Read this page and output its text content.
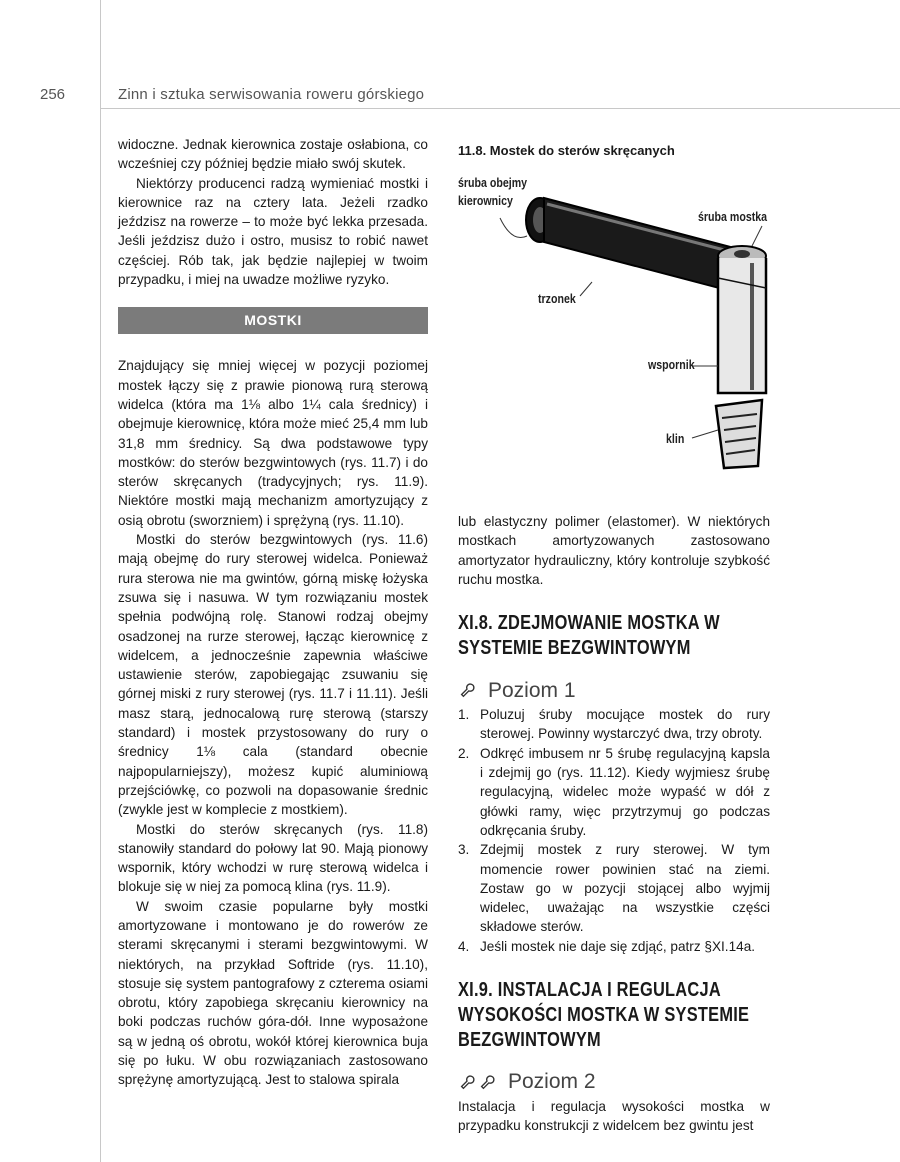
256	Zinn i sztuka serwisowania roweru górskiego

widoczne. Jednak kierownica zostaje osłabiona, co wcześniej czy później będzie miało swój skutek.

Niektórzy producenci radzą wymieniać mostki i kierownice raz na cztery lata. Jeżeli rzadko jeździsz na rowerze – to może być lekka przesada. Jeśli jeździsz dużo i ostro, musisz to robić nawet częściej. Rób tak, jak będzie najlepiej w twoim przypadku, i miej na uwadze możliwe ryzyko.

MOSTKI

Znajdujący się mniej więcej w pozycji poziomej mostek łączy się z prawie pionową rurą sterową widelca (która ma 1⅛ albo 1¼ cala średnicy) i obejmuje kierownicę, która może mieć 25,4 mm lub 31,8 mm średnicy. Są dwa podstawowe typy mostków: do sterów bezgwintowych (rys. 11.7) i do sterów skręcanych (tradycyjnych; rys. 11.9). Niektóre mostki mają mechanizm amortyzujący z osią obrotu (sworzniem) i sprężyną (rys. 11.10).

Mostki do sterów bezgwintowych (rys. 11.6) mają obejmę do rury sterowej widelca. Ponieważ rura sterowa nie ma gwintów, górną miskę łożyska zsuwa się i nasuwa. W tym rozwiązaniu mostek spełnia podwójną rolę. Stanowi rodzaj obejmy osadzonej na rurze sterowej, łącząc kierownicę z widelcem, a jednocześnie zapewnia właściwe ustawienie sterów, zapobiegając zsuwaniu się górnej miski z rury sterowej (rys. 11.7 i 11.11). Jeśli masz starą, jednocalową rurę sterową (starszy standard) i mostek przystosowany do rury o średnicy 1⅛ cala (standard obecnie najpopularniejszy), możesz kupić aluminiową przejściówkę, co pozwoli na dopasowanie średnic (zwykle jest w komplecie z mostkiem).

Mostki do sterów skręcanych (rys. 11.8) stanowiły standard do połowy lat 90. Mają pionowy wspornik, który wchodzi w rurę sterową widelca i blokuje się w niej za pomocą klina (rys. 11.9).

W swoim czasie popularne były mostki amortyzowane i montowano je do rowerów ze sterami skręcanymi i sterami bezgwintowymi. W niektórych, na przykład Softride (rys. 11.10), stosuje się system pantografowy z czterema osiami obrotu, który zapobiega skręcaniu kierownicy na boki podczas ruchów góra-dół. Inne wyposażone są w jedną oś obrotu, wokół której kierownica buja się po łuku. W obu rozwiązaniach zastosowano sprężynę amortyzującą. Jest to stalowa spirala

11.8. Mostek do sterów skręcanych
śruba obejmy
kierownicy
śruba mostka
trzonek
wspornik
klin

lub elastyczny polimer (elastomer). W niektórych mostkach amortyzowanych zastosowano amortyzator hydrauliczny, który kontroluje szybkość ruchu mostka.

XI.8. ZDEJMOWANIE MOSTKA W SYSTEMIE BEZGWINTOWYM
Poziom 1
1. Poluzuj śruby mocujące mostek do rury sterowej. Powinny wystarczyć dwa, trzy obroty.
2. Odkręć imbusem nr 5 śrubę regulacyjną kapsla i zdejmij go (rys. 11.12). Kiedy wyjmiesz śrubę regulacyjną, widelec może wypaść w dół z główki ramy, więc przytrzymuj go podczas odkręcania śruby.
3. Zdejmij mostek z rury sterowej. W tym momencie rower powinien stać na ziemi. Zostaw go w pozycji stojącej albo wyjmij widelec, uważając na wszystkie części składowe sterów.
4. Jeśli mostek nie daje się zdjąć, patrz §XI.14a.
XI.9. INSTALACJA I REGULACJA WYSOKOŚCI MOSTKA W SYSTEMIE BEZGWINTOWYM
Poziom 2

Instalacja i regulacja wysokości mostka w przypadku konstrukcji z widelcem bez gwintu jest
